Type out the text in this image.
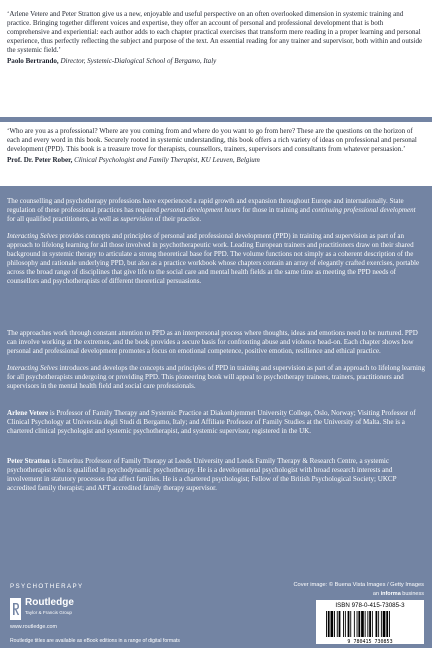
‘Arlene Vetere and Peter Stratton give us a new, enjoyable and useful perspective on an often overlooked dimension in systemic training and practice. Bringing together different voices and expertise, they offer an account of personal and professional development that is both comprehensive and experiential: each author adds to each chapter practical exercises that transform mere reading in a proper learning and personal experience, thus perfectly reflecting the subject and purpose of the text. An essential reading for any trainer and supervisor, both within and outside the systemic field.’

Paolo Bertrando, Director, Systemic-Dialogical School of Bergamo, Italy

‘Who are you as a professional? Where are you coming from and where do you want to go from here? These are the questions on the horizon of each and every word in this book. Securely rooted in systemic understanding, this book offers a rich variety of ideas on professional and personal development (PPD). This book is a treasure trove for therapists, counsellors, trainers, supervisors and consultants from whatever persuasion.’

Prof. Dr. Peter Rober, Clinical Psychologist and Family Therapist, KU Leuven, Belgium

The counselling and psychotherapy professions have experienced a rapid growth and expansion throughout Europe and internationally. State regulation of these professional practices has required personal development hours for those in training and continuing professional development for all qualified practitioners, as well as supervision of their practice.

Interacting Selves provides concepts and principles of personal and professional development (PPD) in training and supervision as part of an approach to lifelong learning for all those involved in psychotherapeutic work. Leading European trainers and practitioners draw on their shared background in systemic therapy to articulate a strong theoretical base for PPD. The volume functions not simply as a coherent description of the philosophy and rationale underlying PPD, but also as a practice workbook whose chapters contain an array of elegantly crafted exercises, portable across the broad range of disciplines that give life to the social care and mental health fields at the same time as meeting the PPD needs of counsellors and psychotherapists of different theoretical persuasions.

The approaches work through constant attention to PPD as an interpersonal process where thoughts, ideas and emotions need to be nurtured. PPD can involve working at the extremes, and the book provides a secure basis for confronting abuse and violence head-on. Each chapter shows how personal and professional development promotes a focus on emotional competence, positive emotion, resilience and ethical practice.

Interacting Selves introduces and develops the concepts and principles of PPD in training and supervision as part of an approach to lifelong learning for all psychotherapists undergoing or providing PPD. This pioneering book will appeal to psychotherapy trainees, trainers, practitioners and supervisors in the mental health field and social care professionals.

Arlene Vetere is Professor of Family Therapy and Systemic Practice at Diakonhjemmet University College, Oslo, Norway; Visiting Professor of Clinical Psychology at Universita degli Studi di Bergamo, Italy; and Affiliate Professor of Family Studies at the University of Malta. She is a chartered clinical psychologist and systemic psychotherapist, and systemic supervisor, registered in the UK.

Peter Stratton is Emeritus Professor of Family Therapy at Leeds University and Leeds Family Therapy & Research Centre, a systemic psychotherapist who is qualified in psychodynamic psychotherapy. He is a developmental psychologist with broad research interests and involvement in statutory processes that affect families. He is a chartered psychologist; Fellow of the British Psychological Society; UKCP accredited family therapist; and AFT accredited family therapy supervisor.

PSYCHOTHERAPY
Routledge
Taylor & Francis Group
www.routledge.com
Routledge titles are available as eBook editions in a range of digital formats
Cover image: © Buena Vista Images / Getty Images
an informa business
ISBN 978-0-415-73085-3
9 780415 730853
